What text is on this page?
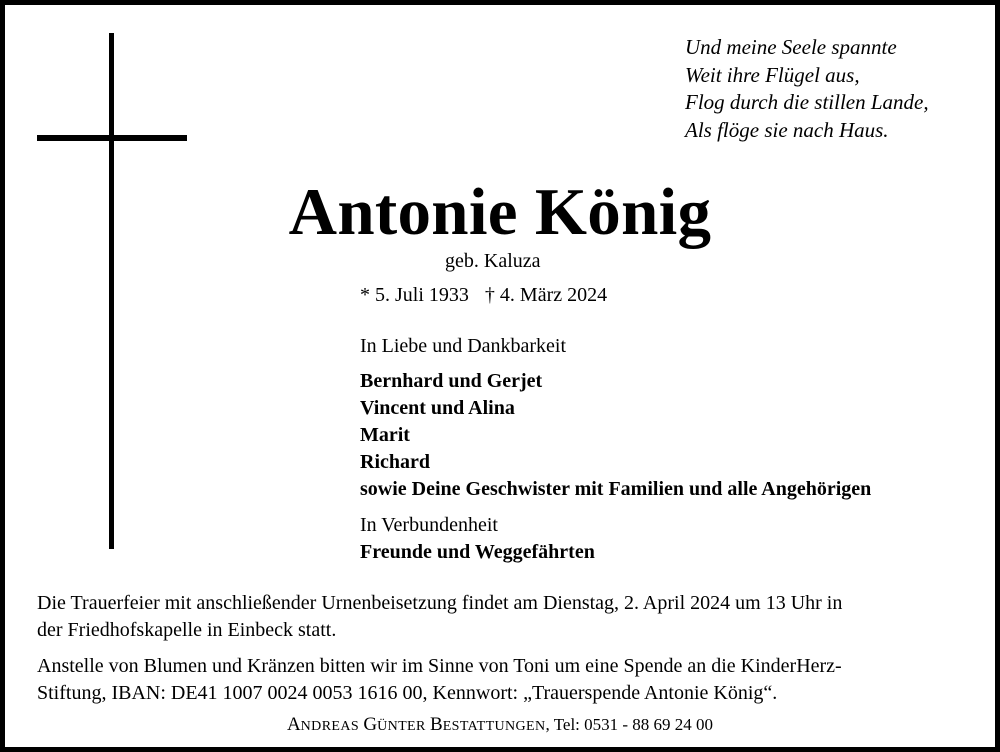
Und meine Seele spannte
Weit ihre Flügel aus,
Flog durch die stillen Lande,
Als flöge sie nach Haus.
Antonie König
geb. Kaluza
* 5. Juli 1933 † 4. März 2024
In Liebe und Dankbarkeit
Bernhard und Gerjet
Vincent und Alina
Marit
Richard
sowie Deine Geschwister mit Familien und alle Angehörigen
In Verbundenheit
Freunde und Weggefährten
Die Trauerfeier mit anschließender Urnenbeisetzung findet am Dienstag, 2. April 2024 um 13 Uhr in
der Friedhofskapelle in Einbeck statt.
Anstelle von Blumen und Kränzen bitten wir im Sinne von Toni um eine Spende an die KinderHerz-
Stiftung, IBAN: DE41 1007 0024 0053 1616 00, Kennwort: „Trauerspende Antonie König“.
ANDREAS GÜNTER BESTATTUNGEN, Tel: 0531 - 88 69 24 00
